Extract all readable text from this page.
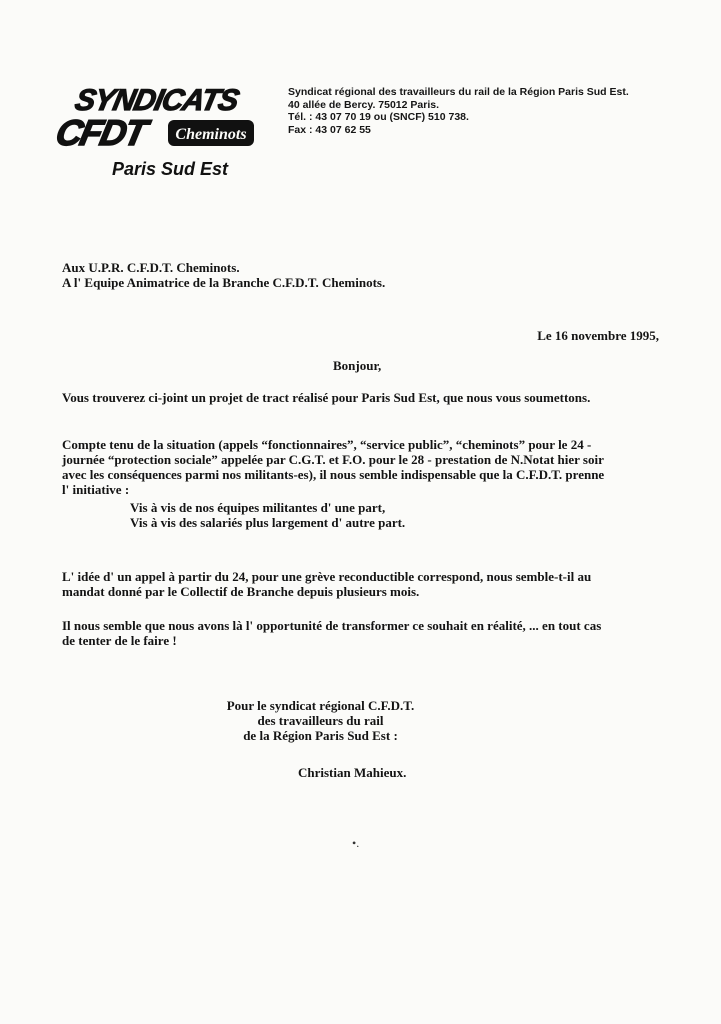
SYNDICATS
CFDT Cheminots
Paris Sud Est
Syndicat régional des travailleurs du rail de la Région Paris Sud Est.
40 allée de Bercy. 75012 Paris.
Tél. : 43 07 70 19 ou (SNCF) 510 738.
Fax : 43 07 62 55
Aux U.P.R. C.F.D.T. Cheminots.
A l' Equipe Animatrice de la Branche C.F.D.T. Cheminots.
Le 16 novembre 1995,
Bonjour,
Vous trouverez ci-joint un projet de tract réalisé pour Paris Sud Est, que nous vous soumettons.
Compte tenu de la situation (appels “fonctionnaires”, “service public”, “cheminots” pour le 24 -
journée “protection sociale” appelée par C.G.T. et F.O. pour le 28 - prestation de N.Notat hier soir
avec les conséquences parmi nos militants-es), il nous semble indispensable que la C.F.D.T. prenne
l' initiative :
Vis à vis de nos équipes militantes d' une part,
Vis à vis des salariés plus largement d' autre part.
L' idée d' un appel à partir du 24, pour une grève reconductible correspond, nous semble-t-il au
mandat donné par le Collectif de Branche depuis plusieurs mois.
Il nous semble que nous avons là l' opportunité de transformer ce souhait en réalité, ... en tout cas
de tenter de le faire !
Pour le syndicat régional C.F.D.T.
des travailleurs du rail
de la Région Paris Sud Est :
Christian Mahieux.
•.
